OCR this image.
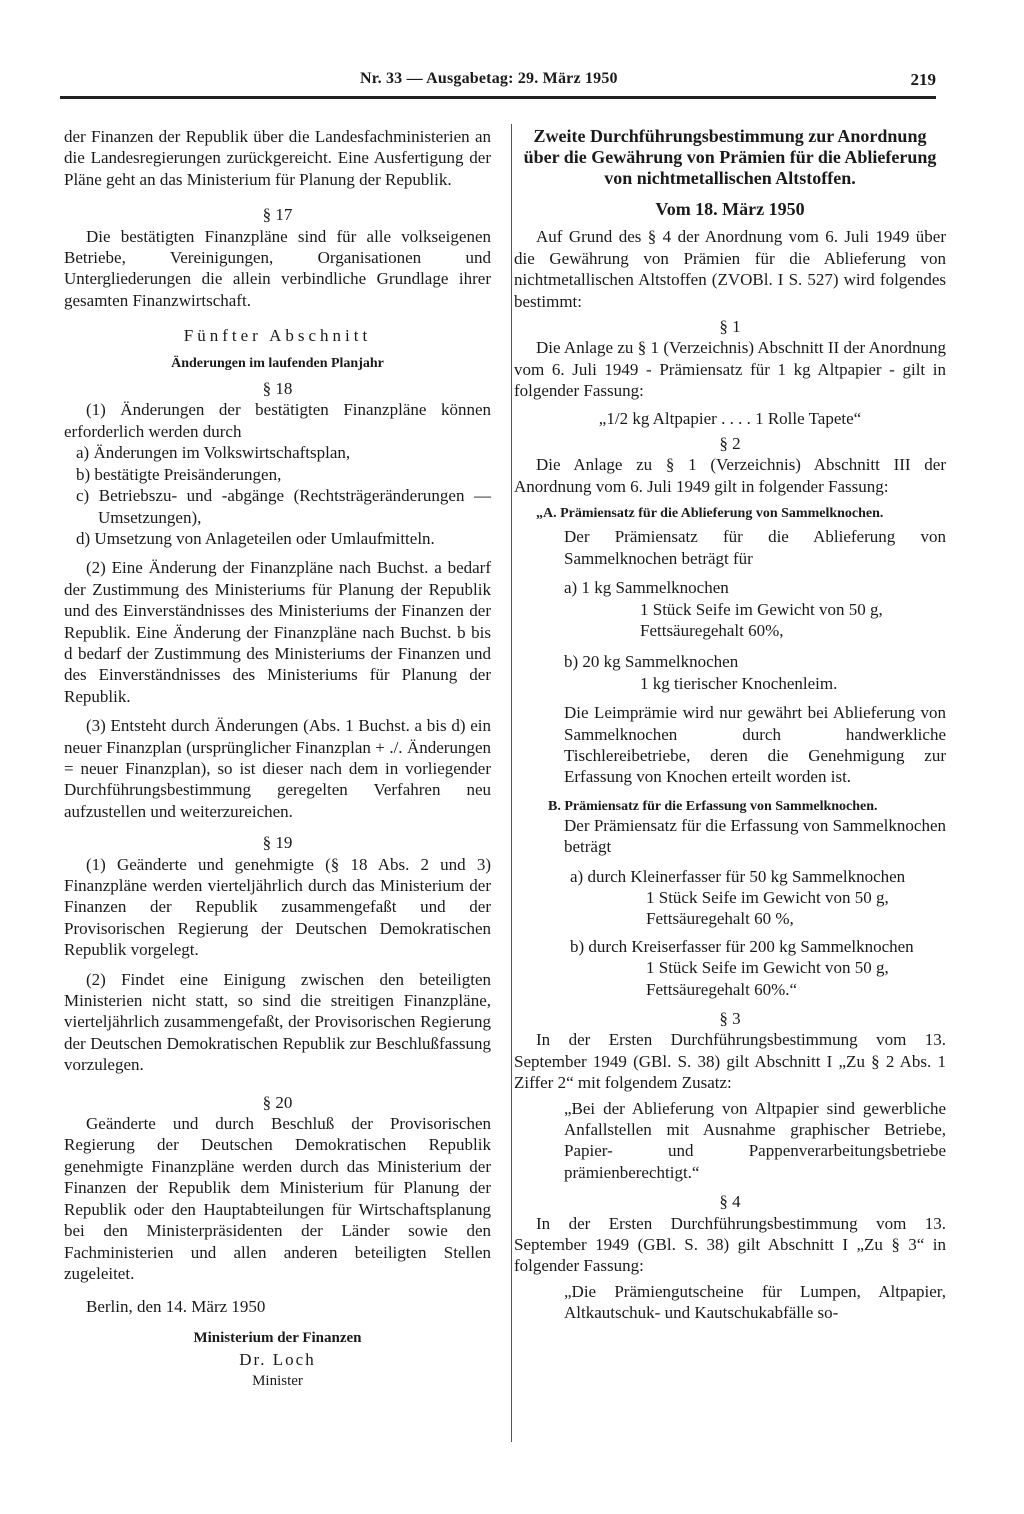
Nr. 33 — Ausgabetag: 29. März 1950	219

der Finanzen der Republik über die Landesfachministerien an die Landesregierungen zurückgereicht. Eine Ausfertigung der Pläne geht an das Ministerium für Planung der Republik.

§ 17

Die bestätigten Finanzpläne sind für alle volkseigenen Betriebe, Vereinigungen, Organisationen und Untergliederungen die allein verbindliche Grundlage ihrer gesamten Finanzwirtschaft.

Fünfter Abschnitt

Änderungen im laufenden Planjahr

§ 18

(1) Änderungen der bestätigten Finanzpläne können erforderlich werden durch

a) Änderungen im Volkswirtschaftsplan,

b) bestätigte Preisänderungen,

c) Betriebszu- und -abgänge (Rechtsträgeränderungen — Umsetzungen),

d) Umsetzung von Anlageteilen oder Umlaufmitteln.

(2) Eine Änderung der Finanzpläne nach Buchst. a bedarf der Zustimmung des Ministeriums für Planung der Republik und des Einverständnisses des Ministeriums der Finanzen der Republik. Eine Änderung der Finanzpläne nach Buchst. b bis d bedarf der Zustimmung des Ministeriums der Finanzen und des Einverständnisses des Ministeriums für Planung der Republik.

(3) Entsteht durch Änderungen (Abs. 1 Buchst. a bis d) ein neuer Finanzplan (ursprünglicher Finanzplan + ./. Änderungen = neuer Finanzplan), so ist dieser nach dem in vorliegender Durchführungsbestimmung geregelten Verfahren neu aufzustellen und weiterzureichen.

§ 19

(1) Geänderte und genehmigte (§ 18 Abs. 2 und 3) Finanzpläne werden vierteljährlich durch das Ministerium der Finanzen der Republik zusammengefaßt und der Provisorischen Regierung der Deutschen Demokratischen Republik vorgelegt.

(2) Findet eine Einigung zwischen den beteiligten Ministerien nicht statt, so sind die streitigen Finanzpläne, vierteljährlich zusammengefaßt, der Provisorischen Regierung der Deutschen Demokratischen Republik zur Beschlußfassung vorzulegen.

§ 20

Geänderte und durch Beschluß der Provisorischen Regierung der Deutschen Demokratischen Republik genehmigte Finanzpläne werden durch das Ministerium der Finanzen der Republik dem Ministerium für Planung der Republik oder den Hauptabteilungen für Wirtschaftsplanung bei den Ministerpräsidenten der Länder sowie den Fachministerien und allen anderen beteiligten Stellen zugeleitet.

Berlin, den 14. März 1950

Ministerium der Finanzen

Dr. Loch

Minister

Zweite Durchführungsbestimmung zur Anordnung über die Gewährung von Prämien für die Ablieferung von nichtmetallischen Altstoffen.

Vom 18. März 1950

Auf Grund des § 4 der Anordnung vom 6. Juli 1949 über die Gewährung von Prämien für die Ablieferung von nichtmetallischen Altstoffen (ZVOBl. I S. 527) wird folgendes bestimmt:

§ 1

Die Anlage zu § 1 (Verzeichnis) Abschnitt II der Anordnung vom 6. Juli 1949 - Prämiensatz für 1 kg Altpapier - gilt in folgender Fassung:

„1/2 kg Altpapier . . . . 1 Rolle Tapete“

§ 2

Die Anlage zu § 1 (Verzeichnis) Abschnitt III der Anordnung vom 6. Juli 1949 gilt in folgender Fassung:

„A. Prämiensatz für die Ablieferung von Sammelknochen.

Der Prämiensatz für die Ablieferung von Sammelknochen beträgt für

a) 1 kg Sammelknochen

1 Stück Seife im Gewicht von 50 g, Fettsäuregehalt 60%,

b) 20 kg Sammelknochen

1 kg tierischer Knochenleim.

Die Leimprämie wird nur gewährt bei Ablieferung von Sammelknochen durch handwerkliche Tischlereibetriebe, deren die Genehmigung zur Erfassung von Knochen erteilt worden ist.

B. Prämiensatz für die Erfassung von Sammelknochen.

Der Prämiensatz für die Erfassung von Sammelknochen beträgt

a) durch Kleinerfasser für 50 kg Sammelknochen

1 Stück Seife im Gewicht von 50 g, Fettsäuregehalt 60 %,

b) durch Kreiserfasser für 200 kg Sammelknochen

1 Stück Seife im Gewicht von 50 g, Fettsäuregehalt 60%.“

§ 3

In der Ersten Durchführungsbestimmung vom 13. September 1949 (GBl. S. 38) gilt Abschnitt I „Zu § 2 Abs. 1 Ziffer 2“ mit folgendem Zusatz:

„Bei der Ablieferung von Altpapier sind gewerbliche Anfallstellen mit Ausnahme graphischer Betriebe, Papier- und Pappenverarbeitungsbetriebe prämienberechtigt.“

§ 4

In der Ersten Durchführungsbestimmung vom 13. September 1949 (GBl. S. 38) gilt Abschnitt I „Zu § 3“ in folgender Fassung:

„Die Prämiengutscheine für Lumpen, Altpapier, Altkautschuk- und Kautschukabfälle so-
